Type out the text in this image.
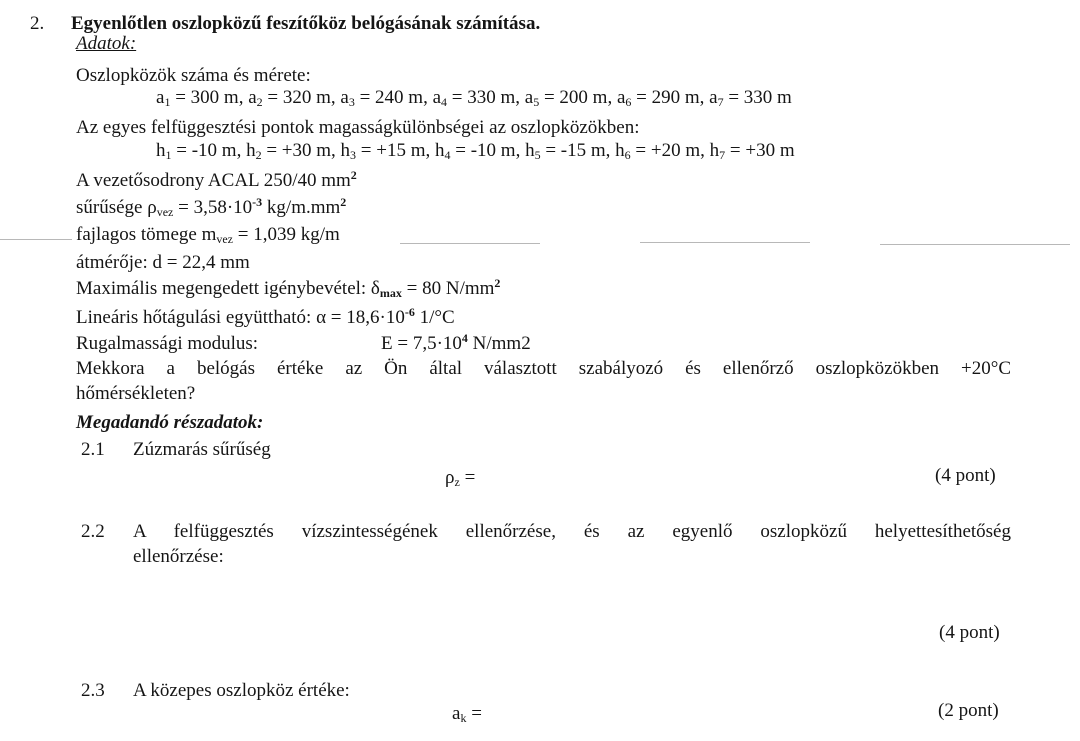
2. Egyenlőtlen oszlopközű feszítőköz belógásának számítása.
Adatok:
Oszlopközök száma és mérete:
$a_1 = 300$ m, $a_2 = 320$ m, $a_3 = 240$ m, $a_4 = 330$ m, $a_5 = 200$ m, $a_6 = 290$ m, $a_7 = 330$ m
Az egyes felfüggesztési pontok magasságkülönbségei az oszlopközökben:
$h_1 = -10$ m, $h_2 = +30$ m, $h_3 = +15$ m, $h_4 = -10$ m, $h_5 = -15$ m, $h_6 = +20$ m, $h_7 = +30$ m
A vezetősodrony ACAL 250/40 $mm^2$
sűrűsége $\rho_{vez} = 3,58\cdot 10^{-3}$ $kg/m.mm^2$
fajlagos tömege $m_{vez} = 1,039$ kg/m
átmérője: d = 22,4 mm
Maximális megengedett igénybevétel: $\delta_{max} = 80$ $N/mm^2$
Lineáris hőtágulási együttható: $\alpha = 18,6\cdot 10^{-6}$ 1/°C
Rugalmassági modulus:	$E = 7,5\cdot 10^4$ N/mm2
Mekkora a belógás értéke az Ön által választott szabályozó és ellenőrző oszlopközökben +20°C
hőmérsékleten?
Megadandó részadatok:
2.1 Zúzmarás sűrűség
$\rho_z$ =	(4 pont)
2.2 A felfüggesztés vízszintességének ellenőrzése, és az egyenlő oszlopközű helyettesíthetőség
ellenőrzése:
(4 pont)
2.3 A közepes oszlopköz értéke:
$a_k$ =	(2 pont)
